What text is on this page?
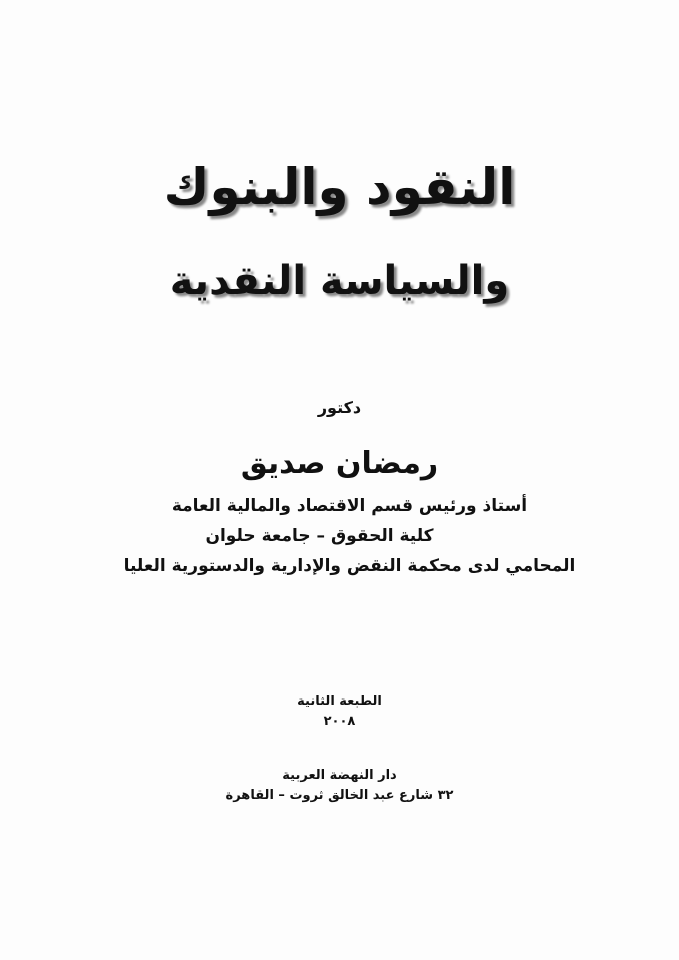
النقود والبنوك
والسياسة النقدية
دكتور
رمضان صديق
أستاذ ورئيس قسم الاقتصاد والمالية العامة
كلية الحقوق – جامعة حلوان
المحامي لدى محكمة النقض والإدارية والدستورية العليا
الطبعة الثانية
٢٠٠٨
دار النهضة العربية
٣٢ شارع عبد الخالق ثروت – القاهرة
